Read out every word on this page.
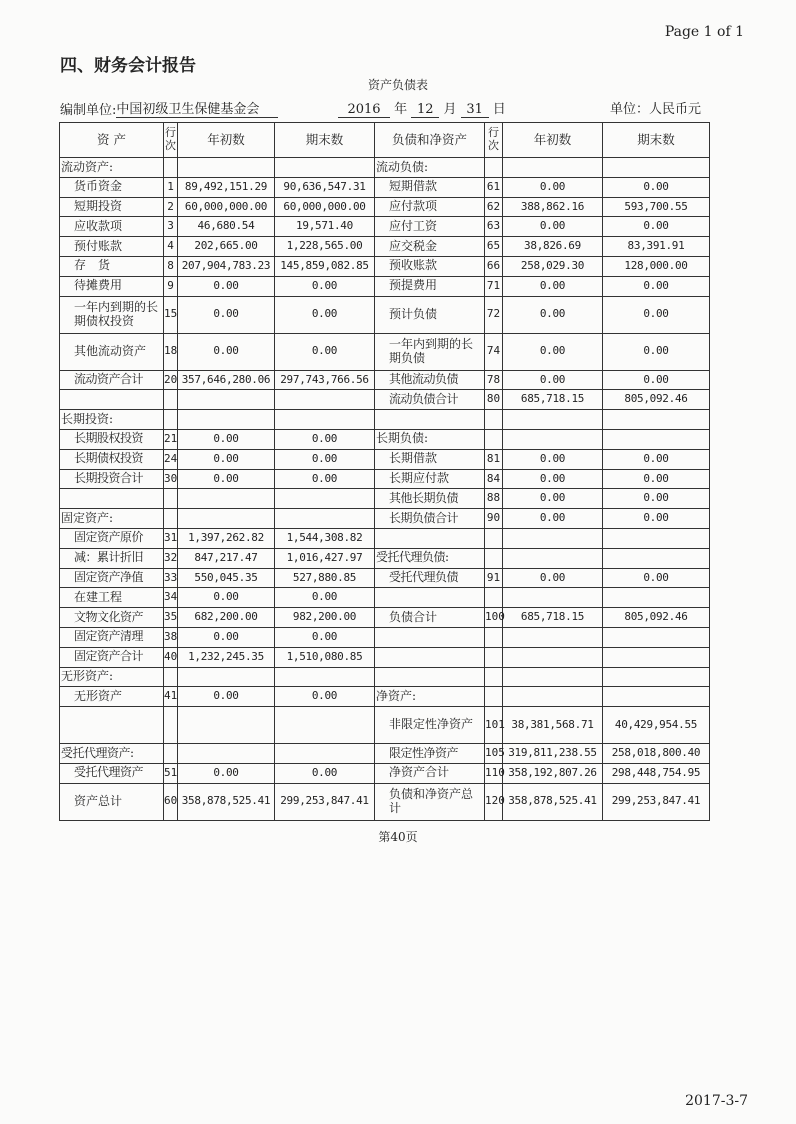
Page 1 of 1
四、财务会计报告
资产负债表
编制单位:中国初级卫生保健基金会	2016 年 12 月 31 日	单位：人民币元
资 产	行次	年初数	期末数	负债和净资产	行次	年初数	期末数
流动资产:				流动负债:			
货币资金	1	89,492,151.29	90,636,547.31	短期借款	61	0.00	0.00
短期投资	2	60,000,000.00	60,000,000.00	应付款项	62	388,862.16	593,700.55
应收款项	3	46,680.54	19,571.40	应付工资	63	0.00	0.00
预付账款	4	202,665.00	1,228,565.00	应交税金	65	38,826.69	83,391.91
存　货	8	207,904,783.23	145,859,082.85	预收账款	66	258,029.30	128,000.00
待摊费用	9	0.00	0.00	预提费用	71	0.00	0.00
一年内到期的长期债权投资	15	0.00	0.00	预计负债	72	0.00	0.00
其他流动资产	18	0.00	0.00	一年内到期的长期负债	74	0.00	0.00
流动资产合计	20	357,646,280.06	297,743,766.56	其他流动负债	78	0.00	0.00
				流动负债合计	80	685,718.15	805,092.46
长期投资:							
长期股权投资	21	0.00	0.00	长期负债:			
长期债权投资	24	0.00	0.00	长期借款	81	0.00	0.00
长期投资合计	30	0.00	0.00	长期应付款	84	0.00	0.00
				其他长期负债	88	0.00	0.00
固定资产:				长期负债合计	90	0.00	0.00
固定资产原价	31	1,397,262.82	1,544,308.82				
减：累计折旧	32	847,217.47	1,016,427.97	受托代理负债:			
固定资产净值	33	550,045.35	527,880.85	受托代理负债	91	0.00	0.00
在建工程	34	0.00	0.00				
文物文化资产	35	682,200.00	982,200.00	负债合计	100	685,718.15	805,092.46
固定资产清理	38	0.00	0.00				
固定资产合计	40	1,232,245.35	1,510,080.85				
无形资产:							
无形资产	41	0.00	0.00	净资产:			
				非限定性净资产	101	38,381,568.71	40,429,954.55
受托代理资产:				限定性净资产	105	319,811,238.55	258,018,800.40
受托代理资产	51	0.00	0.00	净资产合计	110	358,192,807.26	298,448,754.95
资产总计	60	358,878,525.41	299,253,847.41	负债和净资产总计	120	358,878,525.41	299,253,847.41
第40页
2017-3-7
